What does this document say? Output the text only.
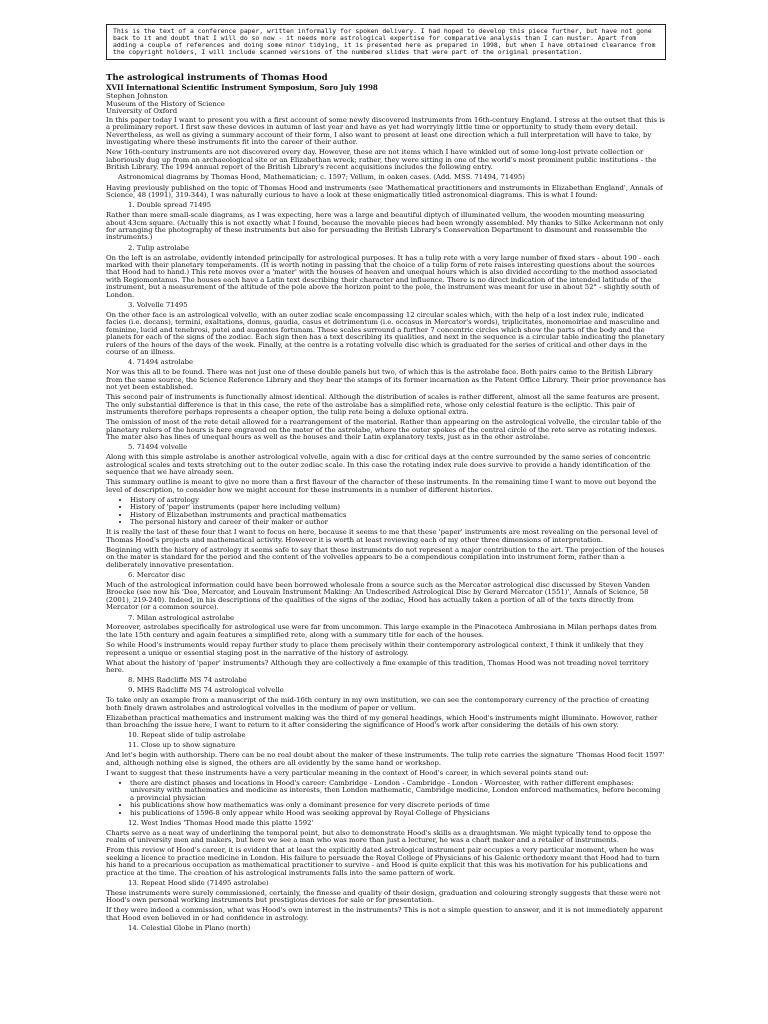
This is the text of a conference paper, written informally for spoken delivery. I had hoped to develop this piece further, but have not gone back to it and doubt that I will do so now - it needs more astrological expertise for comparative analysis than I can muster. Apart from adding a couple of references and doing some minor tidying, it is presented here as prepared in 1998, but when I have obtained clearance from the copyright holders, I will include scanned versions of the numbered slides that were part of the original presentation.

The astrological instruments of Thomas Hood
XVII International Scientific Instrument Symposium, Soro July 1998
Stephen Johnston
Museum of the History of Science
University of Oxford

In this paper today I want to present you with a first account of some newly discovered instruments from 16th-century England. I stress at the outset that this is a preliminary report. I first saw these devices in autumn of last year and have as yet had worryingly little time or opportunity to study them every detail. Nevertheless, as well as giving a summary account of their form, I also want to present at least one direction which a full interpretation will have to take, by investigating where these instruments fit into the career of their author.

New 16th-century instruments are not discovered every day. However, these are not items which I have winkled out of some long-lost private collection or laboriously dug up from an archaeological site or an Elizabethan wreck; rather, they were sitting in one of the world's most prominent public institutions - the British Library. The 1994 annual report of the British Library's recent acquisitions includes the following entry.

Astronomical diagrams by Thomas Hood, Mathematician; c. 1597; Vellum, in oaken cases. (Add. MSS. 71494, 71495)

Having previously published on the topic of Thomas Hood and instruments (see 'Mathematical practitioners and instruments in Elizabethan England', Annals of Science, 48 (1991), 319-344), I was naturally curious to have a look at these enigmatically titled astronomical diagrams. This is what I found:

1. Double spread 71495

Rather than mere small-scale diagrams, as I was expecting, here was a large and beautiful diptych of illuminated vellum, the wooden mounting measuring about 43cm square. (Actually this is not exactly what I found, because the movable pieces had been wrongly assembled. My thanks to Silke Ackermann not only for arranging the photography of these instruments but also for persuading the British Library's Conservation Department to dismount and reassemble the instruments.)

2. Tulip astrolabe

On the left is an astrolabe, evidently intended principally for astrological purposes. It has a tulip rete with a very large number of fixed stars - about 190 - each marked with their planetary temperaments. (It is worth noting in passing that the choice of a tulip form of rete raises interesting questions about the sources that Hood had to hand.) This rete moves over a 'mater' with the houses of heaven and unequal hours which is also divided according to the method associated with Regiomontanus. The houses each have a Latin text describing their character and influence. There is no direct indication of the intended latitude of the instrument, but a measurement of the altitude of the pole above the horizon point to the pole, the instrument was meant for use in about 52° - slightly south of London.

3. Volvelle 71495

On the other face is an astrological volvelle, with an outer zodiac scale encompassing 12 circular scales which, with the help of a lost index rule, indicated facies (i.e. decans), termini, exaltations, domus, gaudia, casus et detrimentum (i.e. occasus in Mercator's words), triplicitates, monomoiriae and masculine and feminine, lucid and tenebrosi, putei and augentes fortunam. These scales surround a further 7 concentric circles which show the parts of the body and the planets for each of the signs of the zodiac. Each sign then has a text describing its qualities, and next in the sequence is a circular table indicating the planetary rulers of the hours of the days of the week. Finally, at the centre is a rotating volvelle disc which is graduated for the series of critical and other days in the course of an illness.

4. 71494 astrolabe

Nor was this all to be found. There was not just one of these double panels but two, of which this is the astrolabe face. Both pairs came to the British Library from the same source, the Science Reference Library and they bear the stamps of its former incarnation as the Patent Office Library. Their prior provenance has not yet been established.

This second pair of instruments is functionally almost identical. Although the distribution of scales is rather different, almost all the same features are present. The only substantial difference is that in this case, the rete of the astrolabe has a simplified rete, whose only celestial feature is the ecliptic. This pair of instruments therefore perhaps represents a cheaper option, the tulip rete being a deluxe optional extra.

The omission of most of the rete detail allowed for a rearrangement of the material. Rather than appearing on the astrological volvelle, the circular table of the planetary rulers of the hours is here engraved on the mater of the astrolabe, where the outer spokes of the central circle of the rete serve as rotating indexes. The mater also has lines of unequal hours as well as the houses and their Latin explanatory texts, just as in the other astrolabe.

5. 71494 volvelle

Along with this simple astrolabe is another astrological volvelle, again with a disc for critical days at the centre surrounded by the same series of concentric astrological scales and texts stretching out to the outer zodiac scale. In this case the rotating index rule does survive to provide a handy identification of the sequence that we have already seen.

This summary outline is meant to give no more than a first flavour of the character of these instruments. In the remaining time I want to move out beyond the level of description, to consider how we might account for these instruments in a number of different histories.

• History of astrology
• History of 'paper' instruments (paper here including vellum)
• History of Elizabethan instruments and practical mathematics
• The personal history and career of their maker or author

It is really the last of these four that I want to focus on here, because it seems to me that these 'paper' instruments are most revealing on the personal level of Thomas Hood's projects and mathematical activity. However it is worth at least reviewing each of my other three dimensions of interpretation.

Beginning with the history of astrology it seems safe to say that these instruments do not represent a major contribution to the art. The projection of the houses on the mater is standard for the period and the content of the volvelles appears to be a compendious compilation into instrument form, rather than a deliberately innovative presentation.

6. Mercator disc

Much of the astrological information could have been borrowed wholesale from a source such as the Mercator astrological disc discussed by Steven Vanden Broecke (see now his 'Dee, Mercator, and Louvain Instrument Making: An Undescribed Astrological Disc by Gerard Mercator (1551)', Annals of Science, 58 (2001), 219-240). Indeed, in his descriptions of the qualities of the signs of the zodiac, Hood has actually taken a portion of all of the texts directly from Mercator (or a common source).

7. Milan astrological astrolabe

Moreover, astrolabes specifically for astrological use were far from uncommon. This large example in the Pinacoteca Ambrosiana in Milan perhaps dates from the late 15th century and again features a simplified rete, along with a summary title for each of the houses.

So while Hood's instruments would repay further study to place them precisely within their contemporary astrological context, I think it unlikely that they represent a unique or essential staging post in the narrative of the history of astrology.

What about the history of 'paper' instruments? Although they are collectively a fine example of this tradition, Thomas Hood was not treading novel territory here.

8. MHS Radcliffe MS 74 astrolabe
9. MHS Radcliffe MS 74 astrological volvelle

To take only an example from a manuscript of the mid-16th century in my own institution, we can see the contemporary currency of the practice of creating both finely drawn astrolabes and astrological volvelles in the medium of paper or vellum.

Elizabethan practical mathematics and instrument making was the third of my general headings, which Hood's instruments might illuminate. However, rather than broaching the issue here, I want to return to it after considering the significance of Hood's work after considering the details of his own story.

10. Repeat slide of tulip astrolabe
11. Close up to show signature

And let's begin with authorship. There can be no real doubt about the maker of these instruments. The tulip rete carries the signature 'Thomas Hood fecit 1597' and, although nothing else is signed, the others are all evidently by the same hand or workshop.

I want to suggest that these instruments have a very particular meaning in the context of Hood's career, in which several points stand out:

• there are distinct phases and locations in Hood's career: Cambridge - London - Cambridge - London - Worcester, with rather different emphases: university with mathematics and medicine as interests, then London mathematic, Cambridge medicine, London enforced mathematics, before becoming a provincial physician
• his publications show how mathematics was only a dominant presence for very discrete periods of time
• his publications of 1596-8 only appear while Hood was seeking approval by Royal College of Physicians
12. West Indies 'Thomas Hood made this platte 1592'

Charts serve as a neat way of underlining the temporal point, but also to demonstrate Hood's skills as a draughtsman. We might typically tend to oppose the realm of university men and makers, but here we see a man who was more than just a lecturer, he was a chart maker and a retailer of instruments.

From this review of Hood's career, it is evident that at least the explicitly dated astrological instrument pair occupies a very particular moment, when he was seeking a licence to practice medicine in London. His failure to persuade the Royal College of Physicians of his Galenic orthodoxy meant that Hood had to turn his hand to a precarious occupation as mathematical practitioner to survive - and Hood is quite explicit that this was his motivation for his publications and practice at the time. The creation of his astrological instruments falls into the same pattern of work.

13. Repeat Hood slide (71495 astrolabe)

These instruments were surely commissioned, certainly, the finesse and quality of their design, graduation and colouring strongly suggests that these were not Hood's own personal working instruments but prestigious devices for sale or for presentation.

If they were indeed a commission, what was Hood's own interest in the instruments? This is not a simple question to answer, and it is not immediately apparent that Hood even believed in or had confidence in astrology.

14. Celestial Globe in Plano (north)
